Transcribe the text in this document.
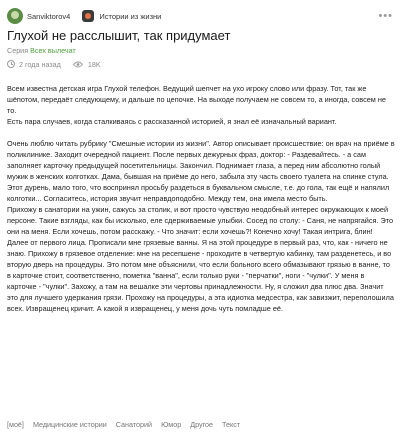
Sanviktorov4	Истории из жизни	•••
Глухой не расслышит, так придумает
Серия Всех вылечат
2 года назад	18K

Всем известна детская игра Глухой телефон. Ведущий шепчет на ухо игроку слово или фразу. Тот, так же шёпотом, передаёт следующему, и дальше по цепочке. На выходе получаем не совсем то, а иногда, совсем не то.

Есть пара случаев, когда сталкиваясь с рассказанной историей, я знал её изначальный вариант.

Очень люблю читать рубрику "Смешные истории из жизни". Автор описывает происшествие: он врач на приёме в поликлинике. Заходит очередной пациент. После первых дежурных фраз, доктор: - Раздевайтесь. - а сам заполняет карточку предыдущей посетительницы. Закончил. Поднимает глаза, а перед ним абсолютно голый мужик в женских колготках. Дама, бывшая на приёме до него, забыла эту часть своего туалета на спинке стула. Этот дурень, мало того, что воспринял просьбу раздеться в буквальном смысле, т.е. до гола, так ещё и напялил колготки... Согласитесь, история звучит неправдоподобно. Между тем, она имела место быть.

Прихожу в санатории на ужин, сажусь за столик, и вот просто чувствую неодобный интерес окружающих к моей персоне. Такие взгляды, как бы исколько, еле сдерживаемые улыбки. Сосед по столу: - Саня, не напрягайся. Это они на меня. Если хочешь, потом расскажу. - Что значит: если хочешь?! Конечно хочу! Такая интрига, блин!

Далее от первого лица. Прописали мне грязевые ванны. Я на этой процедуре в первый раз, что, как - ничего не знаю. Прихожу в грязевое отделение: мне на ресепшене - проходите в четвертую кабинку, там разденетесь, и во вторую дверь на процедуры. Это потом мне объяснили, что если больного всего обмазывают грязью в ванне, то в карточке стоит, соответственно, пометка "ванна", если только руки - "перчатки", ноги - "чулки". У меня в карточке - "чулки". Захожу, а там на вешалке эти чертовы принадлежности. Ну, я сложил два плюс два. Значит это для лучшего удержания грязи. Прохожу на процедуры, а эта идиотка медсестра, как завизжит, переполошила всех. Извращенец кричит. А какой я извращенец, у меня дочь чуть помладше её.

[моё] Медицинские истории Санаторий Юмор Другое Текст
